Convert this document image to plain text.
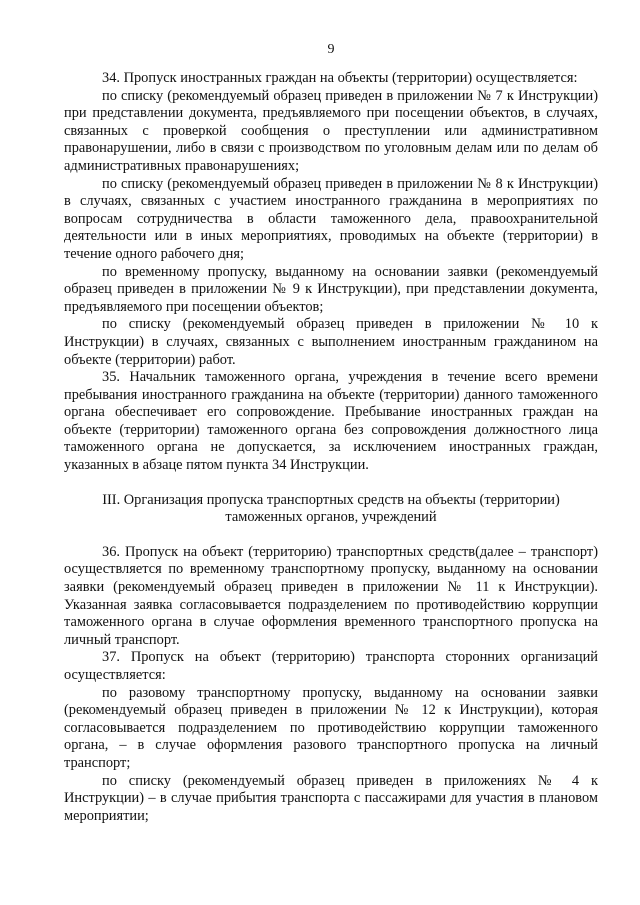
9

34. Пропуск иностранных граждан на объекты (территории) осуществляется:

по списку (рекомендуемый образец приведен в приложении № 7 к Инструкции) при представлении документа, предъявляемого при посещении объектов, в случаях, связанных с проверкой сообщения о преступлении или административном правонарушении, либо в связи с производством по уголовным делам или по делам об административных правонарушениях;

по списку (рекомендуемый образец приведен в приложении № 8 к Инструкции) в случаях, связанных с участием иностранного гражданина в мероприятиях по вопросам сотрудничества в области таможенного дела, правоохранительной деятельности или в иных мероприятиях, проводимых на объекте (территории) в течение одного рабочего дня;

по временному пропуску, выданному на основании заявки (рекомендуемый образец приведен в приложении № 9 к Инструкции), при представлении документа, предъявляемого при посещении объектов;

по списку (рекомендуемый образец приведен в приложении № 10 к Инструкции) в случаях, связанных с выполнением иностранным гражданином на объекте (территории) работ.

35. Начальник таможенного органа, учреждения в течение всего времени пребывания иностранного гражданина на объекте (территории) данного таможенного органа обеспечивает его сопровождение. Пребывание иностранных граждан на объекте (территории) таможенного органа без сопровождения должностного лица таможенного органа не допускается, за исключением иностранных граждан, указанных в абзаце пятом пункта 34 Инструкции.

III. Организация пропуска транспортных средств на объекты (территории)
таможенных органов, учреждений

36. Пропуск на объект (территорию) транспортных средств(далее – транспорт) осуществляется по временному транспортному пропуску, выданному на основании заявки (рекомендуемый образец приведен в приложении № 11 к Инструкции). Указанная заявка согласовывается подразделением по противодействию коррупции таможенного органа в случае оформления временного транспортного пропуска на личный транспорт.

37. Пропуск на объект (территорию) транспорта сторонних организаций осуществляется:

по разовому транспортному пропуску, выданному на основании заявки (рекомендуемый образец приведен в приложении № 12 к Инструкции), которая согласовывается подразделением по противодействию коррупции таможенного органа, – в случае оформления разового транспортного пропуска на личный транспорт;

по списку (рекомендуемый образец приведен в приложениях № 4 к Инструкции) – в случае прибытия транспорта с пассажирами для участия в плановом мероприятии;
